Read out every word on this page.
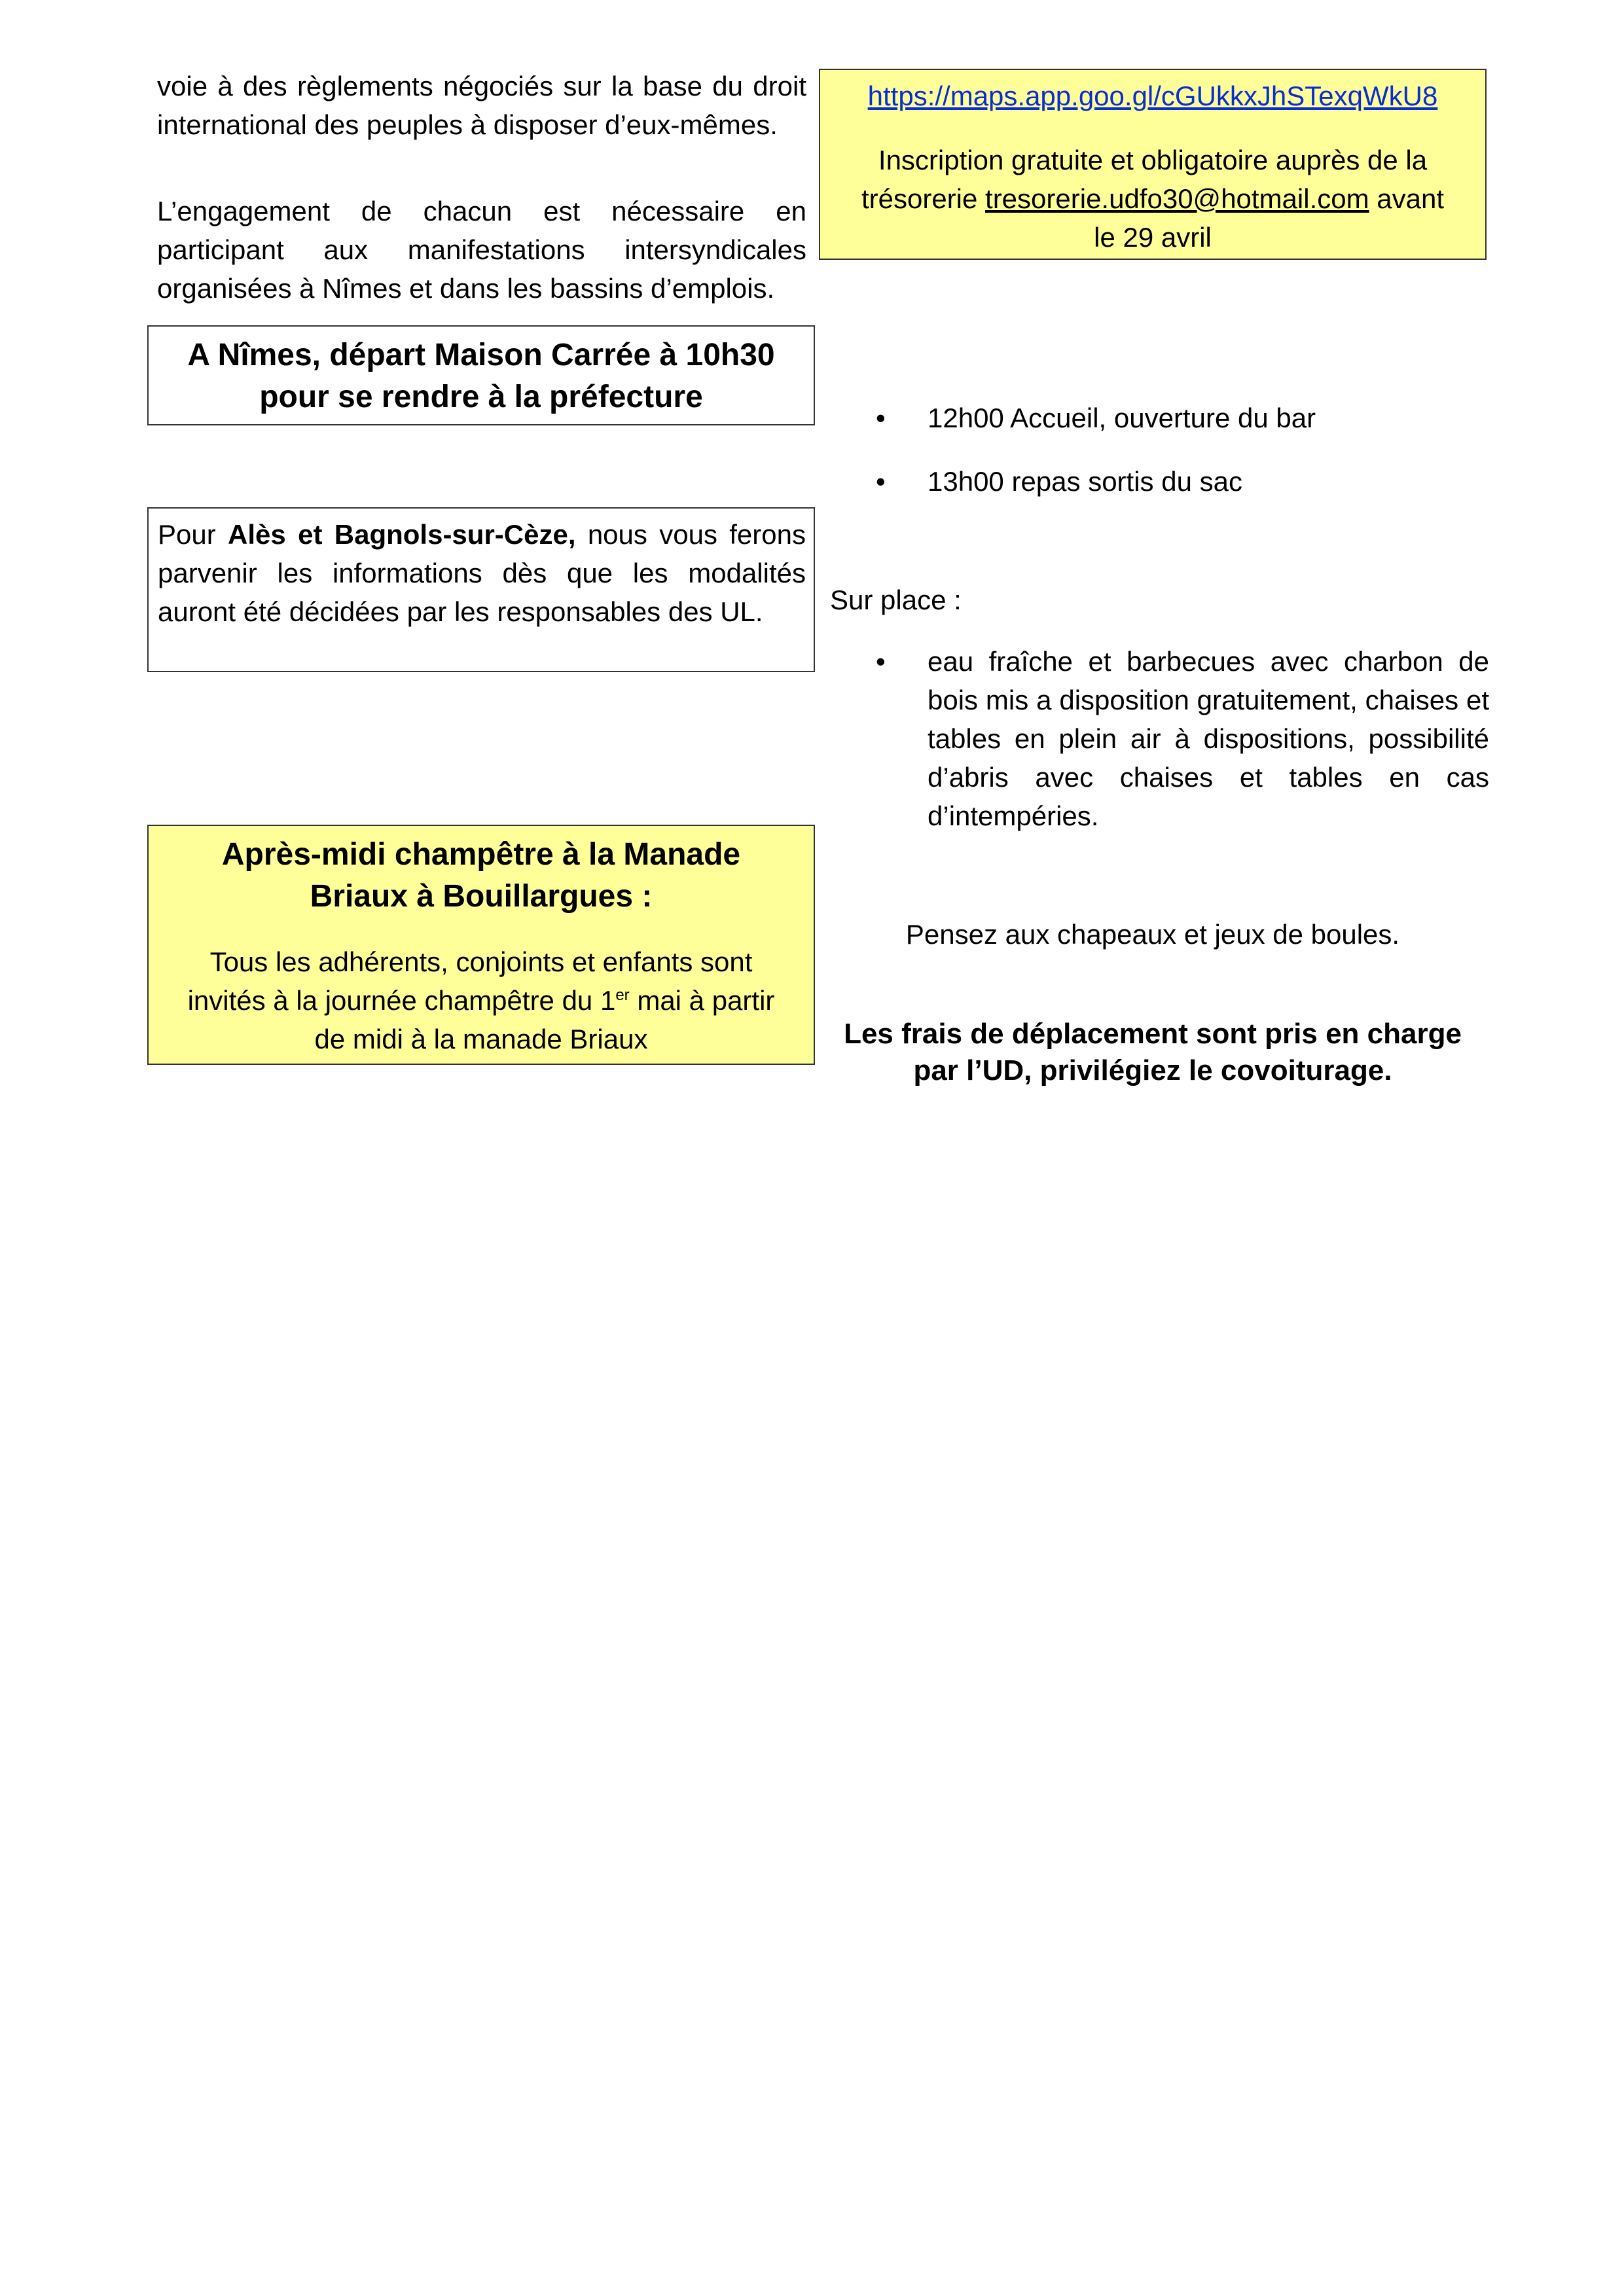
voie à des règlements négociés sur la base du droit international des peuples à disposer d’eux-mêmes.
L’engagement de chacun est nécessaire en participant aux manifestations intersyndicales organisées à Nîmes et dans les bassins d’emplois.
A Nîmes, départ Maison Carrée à 10h30
pour se rendre à la préfecture
Pour Alès et Bagnols-sur-Cèze, nous vous ferons parvenir les informations dès que les modalités auront été décidées par les responsables des UL.
Après-midi champêtre à la Manade
Briaux à Bouillargues :
Tous les adhérents, conjoints et enfants sont
invités à la journée champêtre du 1er mai à partir
de midi à la manade Briaux
https://maps.app.goo.gl/cGUkkxJhSTexqWkU8
Inscription gratuite et obligatoire auprès de la
trésorerie tresorerie.udfo30@hotmail.com avant
le 29 avril
•	12h00 Accueil, ouverture du bar
•	13h00 repas sortis du sac
Sur place :
•	eau fraîche et barbecues avec charbon de bois mis a disposition gratuitement, chaises et tables en plein air à dispositions, possibilité d’abris avec chaises et tables en cas d’intempéries.
Pensez aux chapeaux et jeux de boules.
Les frais de déplacement sont pris en charge
par l’UD, privilégiez le covoiturage.
